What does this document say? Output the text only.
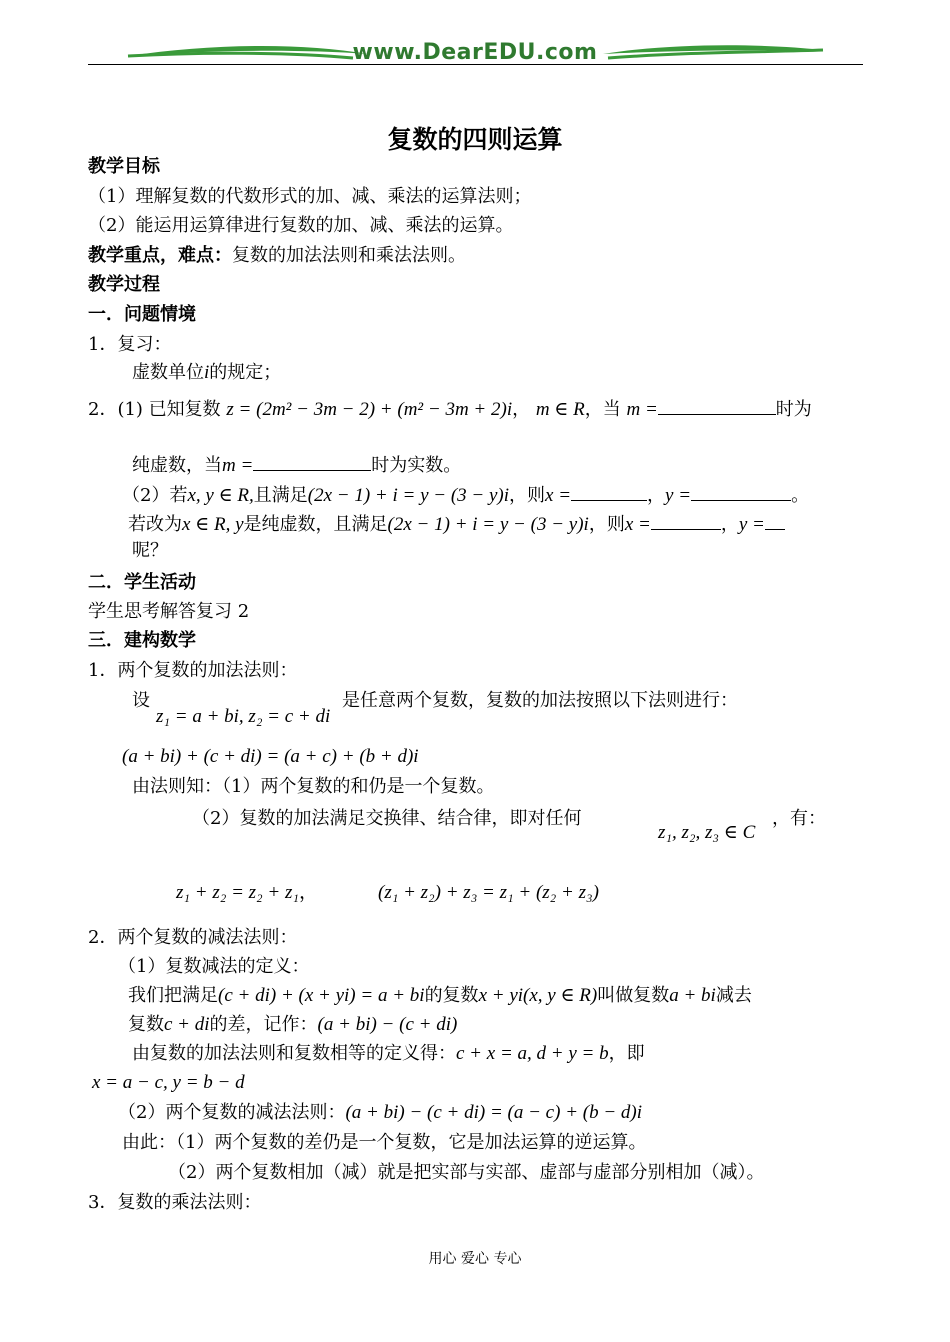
www.DearEDU.com
复数的四则运算
教学目标
（1）理解复数的代数形式的加、减、乘法的运算法则；
（2）能运用运算律进行复数的加、减、乘法的运算。
教学重点，难点：复数的加法法则和乘法法则。
教学过程
一．问题情境
1．复习：
虚数单位i的规定；
2．(1) 已知复数 z = (2m² − 3m − 2) + (m² − 3m + 2)i， m ∈ R，当 m =	时为
纯虚数，当m =	时为实数。
（2）若x, y ∈ R,且满足(2x − 1) + i = y − (3 − y)i，则x =	，y =	。
若改为x ∈ R, y是纯虚数，且满足(2x − 1) + i = y − (3 − y)i，则x =	，y =
呢？
二．学生活动
学生思考解答复习 2
三．建构数学
1．两个复数的加法法则：
设
z₁ = a + bi, z₂ = c + di
是任意两个复数，复数的加法按照以下法则进行：
(a + bi) + (c + di) = (a + c) + (b + d)i
由法则知：（1）两个复数的和仍是一个复数。
（2）复数的加法满足交换律、结合律，即对任何
z₁, z₂, z₃ ∈ C
，有：
z₁ + z₂ = z₂ + z₁，	(z₁ + z₂) + z₃ = z₁ + (z₂ + z₃)
2．两个复数的减法法则：
（1）复数减法的定义：
我们把满足(c + di) + (x + yi) = a + bi的复数x + yi(x, y ∈ R)叫做复数a + bi减去
复数c + di的差，记作：(a + bi) − (c + di)
由复数的加法法则和复数相等的定义得：c + x = a, d + y = b，即
x = a − c, y = b − d
（2）两个复数的减法法则：(a + bi) − (c + di) = (a − c) + (b − d)i
由此：（1）两个复数的差仍是一个复数，它是加法运算的逆运算。
（2）两个复数相加（减）就是把实部与实部、虚部与虚部分别相加（减）。
3．复数的乘法法则：
用心 爱心 专心
